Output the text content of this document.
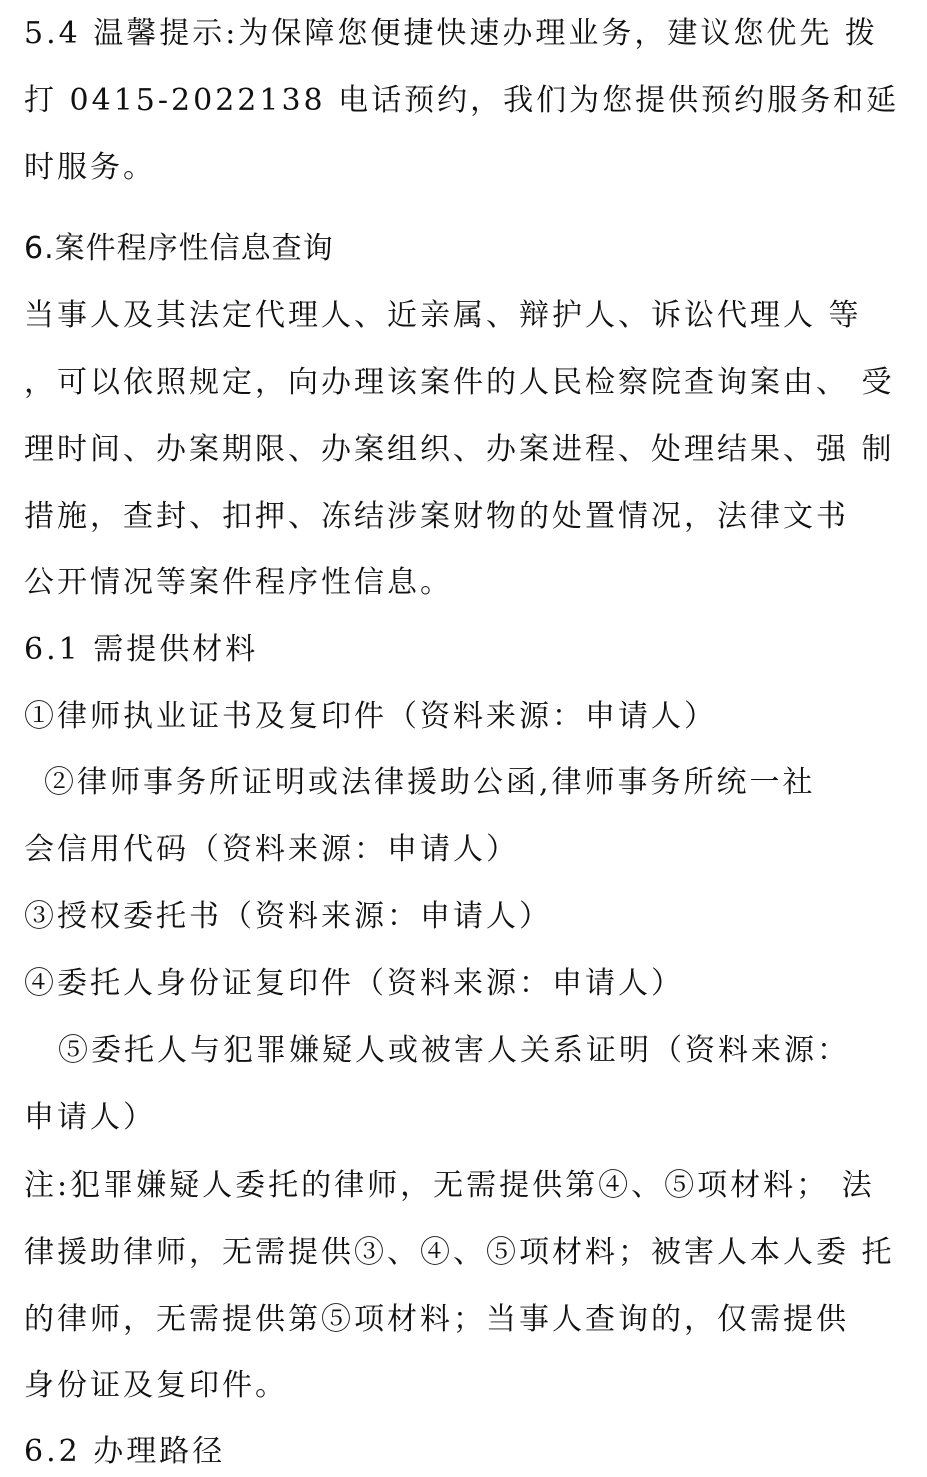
5.4 温馨提示:为保障您便捷快速办理业务，建议您优先 拨
打 0415-2022138 电话预约，我们为您提供预约服务和延
时服务。
6.案件程序性信息查询
当事人及其法定代理人、近亲属、辩护人、诉讼代理人 等
，可以依照规定，向办理该案件的人民检察院查询案由、 受
理时间、办案期限、办案组织、办案进程、处理结果、强 制
措施，查封、扣押、冻结涉案财物的处置情况，法律文书
公开情况等案件程序性信息。
6.1 需提供材料
①律师执业证书及复印件（资料来源：申请人）
②律师事务所证明或法律援助公函,律师事务所统一社
会信用代码（资料来源：申请人）
③授权委托书（资料来源：申请人）
④委托人身份证复印件（资料来源：申请人）
⑤委托人与犯罪嫌疑人或被害人关系证明（资料来源：
申请人）
注:犯罪嫌疑人委托的律师，无需提供第④、⑤项材料； 法
律援助律师，无需提供③、④、⑤项材料；被害人本人委 托
的律师，无需提供第⑤项材料；当事人查询的，仅需提供
身份证及复印件。
6.2 办理路径
